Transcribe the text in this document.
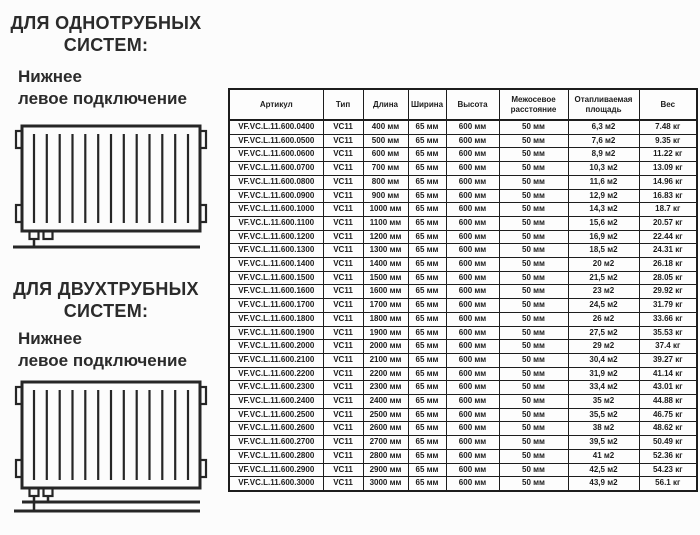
ДЛЯ ОДНОТРУБНЫХ
СИСТЕМ:
Нижнее
левое подключение
ДЛЯ ДВУХТРУБНЫХ
СИСТЕМ:
Нижнее
левое подключение
Артикул	Тип	Длина	Ширина	Высота	Межосевое расстояние	Отапливаемая площадь	Вес
VF.VC.L.11.600.0400	VC11	400 мм	65 мм	600 мм	50 мм	6,3 м2	7.48 кг
VF.VC.L.11.600.0500	VC11	500 мм	65 мм	600 мм	50 мм	7,6 м2	9.35 кг
VF.VC.L.11.600.0600	VC11	600 мм	65 мм	600 мм	50 мм	8,9 м2	11.22 кг
VF.VC.L.11.600.0700	VC11	700 мм	65 мм	600 мм	50 мм	10,3 м2	13.09 кг
VF.VC.L.11.600.0800	VC11	800 мм	65 мм	600 мм	50 мм	11,6 м2	14.96 кг
VF.VC.L.11.600.0900	VC11	900 мм	65 мм	600 мм	50 мм	12,9 м2	16.83 кг
VF.VC.L.11.600.1000	VC11	1000 мм	65 мм	600 мм	50 мм	14,3 м2	18.7 кг
VF.VC.L.11.600.1100	VC11	1100 мм	65 мм	600 мм	50 мм	15,6 м2	20.57 кг
VF.VC.L.11.600.1200	VC11	1200 мм	65 мм	600 мм	50 мм	16,9 м2	22.44 кг
VF.VC.L.11.600.1300	VC11	1300 мм	65 мм	600 мм	50 мм	18,5 м2	24.31 кг
VF.VC.L.11.600.1400	VC11	1400 мм	65 мм	600 мм	50 мм	20 м2	26.18 кг
VF.VC.L.11.600.1500	VC11	1500 мм	65 мм	600 мм	50 мм	21,5 м2	28.05 кг
VF.VC.L.11.600.1600	VC11	1600 мм	65 мм	600 мм	50 мм	23 м2	29.92 кг
VF.VC.L.11.600.1700	VC11	1700 мм	65 мм	600 мм	50 мм	24,5 м2	31.79 кг
VF.VC.L.11.600.1800	VC11	1800 мм	65 мм	600 мм	50 мм	26 м2	33.66 кг
VF.VC.L.11.600.1900	VC11	1900 мм	65 мм	600 мм	50 мм	27,5 м2	35.53 кг
VF.VC.L.11.600.2000	VC11	2000 мм	65 мм	600 мм	50 мм	29 м2	37.4 кг
VF.VC.L.11.600.2100	VC11	2100 мм	65 мм	600 мм	50 мм	30,4 м2	39.27 кг
VF.VC.L.11.600.2200	VC11	2200 мм	65 мм	600 мм	50 мм	31,9 м2	41.14 кг
VF.VC.L.11.600.2300	VC11	2300 мм	65 мм	600 мм	50 мм	33,4 м2	43.01 кг
VF.VC.L.11.600.2400	VC11	2400 мм	65 мм	600 мм	50 мм	35 м2	44.88 кг
VF.VC.L.11.600.2500	VC11	2500 мм	65 мм	600 мм	50 мм	35,5 м2	46.75 кг
VF.VC.L.11.600.2600	VC11	2600 мм	65 мм	600 мм	50 мм	38 м2	48.62 кг
VF.VC.L.11.600.2700	VC11	2700 мм	65 мм	600 мм	50 мм	39,5 м2	50.49 кг
VF.VC.L.11.600.2800	VC11	2800 мм	65 мм	600 мм	50 мм	41 м2	52.36 кг
VF.VC.L.11.600.2900	VC11	2900 мм	65 мм	600 мм	50 мм	42,5 м2	54.23 кг
VF.VC.L.11.600.3000	VC11	3000 мм	65 мм	600 мм	50 мм	43,9 м2	56.1 кг
